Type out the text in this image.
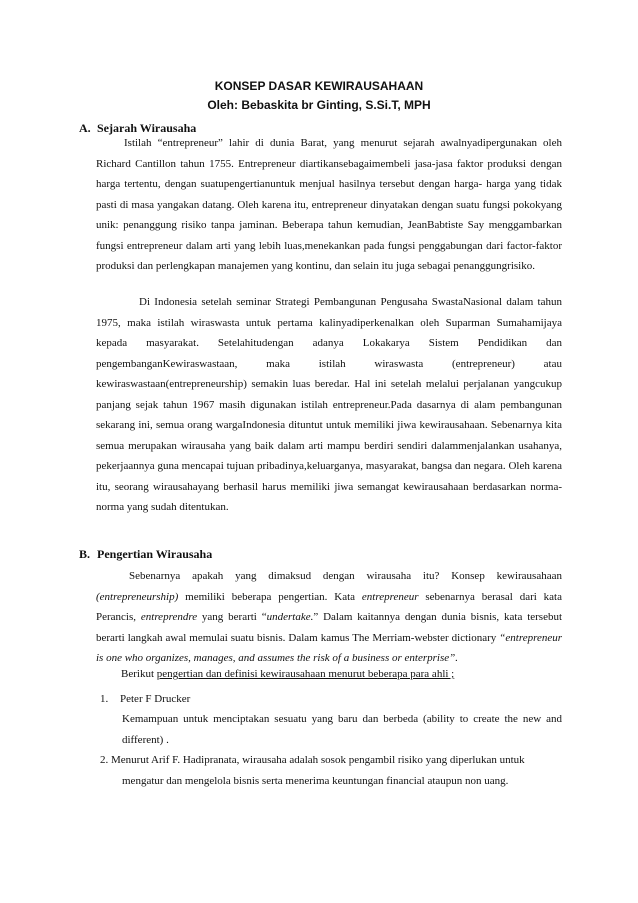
KONSEP DASAR KEWIRAUSAHAAN

Oleh: Bebaskita br Ginting, S.Si.T, MPH

A. Sejarah Wirausaha

Istilah “entrepreneur” lahir di dunia Barat, yang menurut sejarah awalnyadipergunakan oleh Richard Cantillon tahun 1755. Entrepreneur diartikansebagaimembeli jasa-jasa faktor produksi dengan harga tertentu, dengan suatupengertianuntuk menjual hasilnya tersebut dengan harga- harga yang tidak pasti di masa yangakan datang. Oleh karena itu, entrepreneur dinyatakan dengan suatu fungsi pokokyang unik: penanggung risiko tanpa jaminan. Beberapa tahun kemudian, JeanBabtiste Say menggambarkan fungsi entrepreneur dalam arti yang lebih luas,menekankan pada fungsi penggabungan dari factor-faktor produksi dan perlengkapan manajemen yang kontinu, dan selain itu juga sebagai penanggungrisiko.

Di Indonesia setelah seminar Strategi Pembangunan Pengusaha SwastaNasional dalam tahun 1975, maka istilah wiraswasta untuk pertama kalinyadiperkenalkan oleh Suparman Sumahamijaya kepada masyarakat. Setelahitudengan adanya Lokakarya Sistem Pendidikan dan pengembanganKewiraswastaan, maka istilah wiraswasta (entrepreneur) atau kewiraswastaan(entrepreneurship) semakin luas beredar. Hal ini setelah melalui perjalanan yangcukup panjang sejak tahun 1967 masih digunakan istilah entrepreneur.Pada dasarnya di alam pembangunan sekarang ini, semua orang wargaIndonesia dituntut untuk memiliki jiwa kewirausahaan. Sebenarnya kita semua merupakan wirausaha yang baik dalam arti mampu berdiri sendiri dalammenjalankan usahanya, pekerjaannya guna mencapai tujuan pribadinya,keluarganya, masyarakat, bangsa dan negara. Oleh karena itu, seorang wirausahayang berhasil harus memiliki jiwa semangat kewirausahaan berdasarkan norma-norma yang sudah ditentukan.

B. Pengertian Wirausaha

Sebenarnya apakah yang dimaksud dengan wirausaha itu? Konsep kewirausahaan (entrepreneurship) memiliki beberapa pengertian. Kata entrepreneur sebenarnya berasal dari kata Perancis, entreprendre yang berarti “undertake.” Dalam kaitannya dengan dunia bisnis, kata tersebut berarti langkah awal memulai suatu bisnis. Dalam kamus The Merriam-webster dictionary “entrepreneur is one who organizes, manages, and assumes the risk of a business or enterprise”.

Berikut pengertian dan definisi kewirausahaan menurut beberapa para ahli ;

1. Peter F Drucker

Kemampuan untuk menciptakan sesuatu yang baru dan berbeda (ability to create the new and different) .

2. Menurut Arif F. Hadipranata, wirausaha adalah sosok pengambil risiko yang diperlukan untuk
mengatur dan mengelola bisnis serta menerima keuntungan financial ataupun non uang.
